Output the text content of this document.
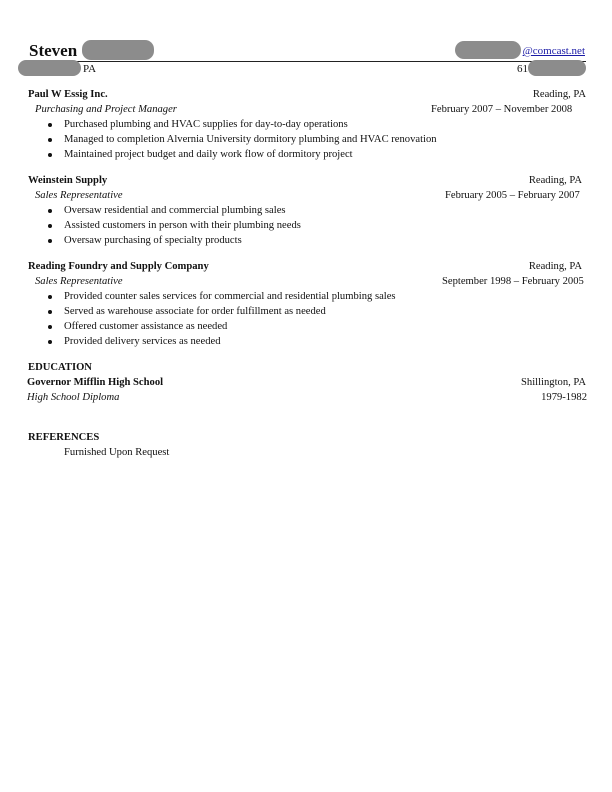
Steven	@comcast.net
PA	61
Paul W Essig Inc.	Reading, PA
Purchasing and Project Manager	February 2007 – November 2008
Purchased plumbing and HVAC supplies for day-to-day operations
Managed to completion Alvernia University dormitory plumbing and HVAC renovation
Maintained project budget and daily work flow of dormitory project
Weinstein Supply	Reading, PA
Sales Representative	February 2005 – February 2007
Oversaw residential and commercial plumbing sales
Assisted customers in person with their plumbing needs
Oversaw purchasing of specialty products
Reading Foundry and Supply Company	Reading, PA
Sales Representative	September 1998 – February 2005
Provided counter sales services for commercial and residential plumbing sales
Served as warehouse associate for order fulfillment as needed
Offered customer assistance as needed
Provided delivery services as needed
EDUCATION
Governor Mifflin High School	Shillington, PA
High School Diploma	1979-1982
REFERENCES
Furnished Upon Request
